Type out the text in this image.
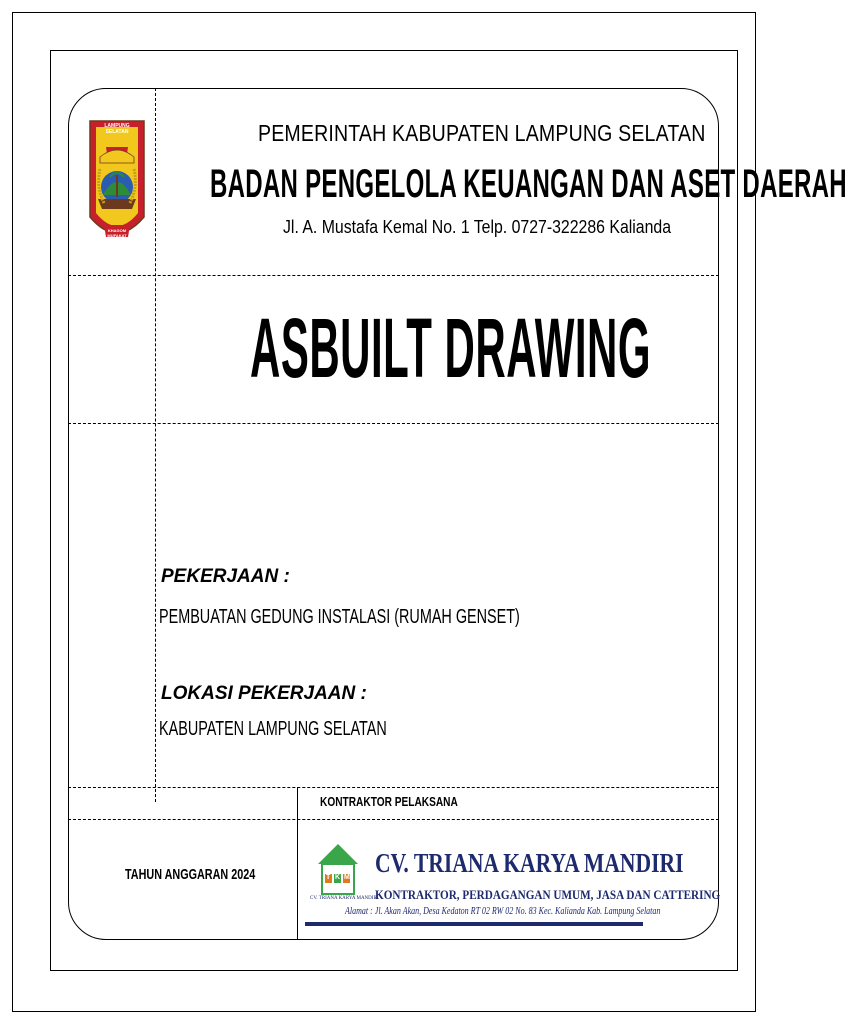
LAMPUNG SELATAN
KHAGOM MUFAKAT
PEMERINTAH KABUPATEN LAMPUNG SELATAN
BADAN PENGELOLA KEUANGAN DAN ASET DAERAH
Jl. A. Mustafa Kemal No. 1 Telp. 0727-322286 Kalianda
ASBUILT DRAWING
PEKERJAAN :
PEMBUATAN GEDUNG INSTALASI (RUMAH GENSET)
LOKASI PEKERJAAN :
KABUPATEN LAMPUNG SELATAN
KONTRAKTOR PELAKSANA
TAHUN ANGGARAN 2024	T K M
CV. TRIANA KARYA MANDIRI
CV. TRIANA KARYA MANDIRI
KONTRAKTOR, PERDAGANGAN UMUM, JASA DAN CATTERING
Alamat : Jl. Akan Akan, Desa Kedaton RT 02 RW 02 No. 83 Kec. Kalianda Kab. Lampung Selatan
